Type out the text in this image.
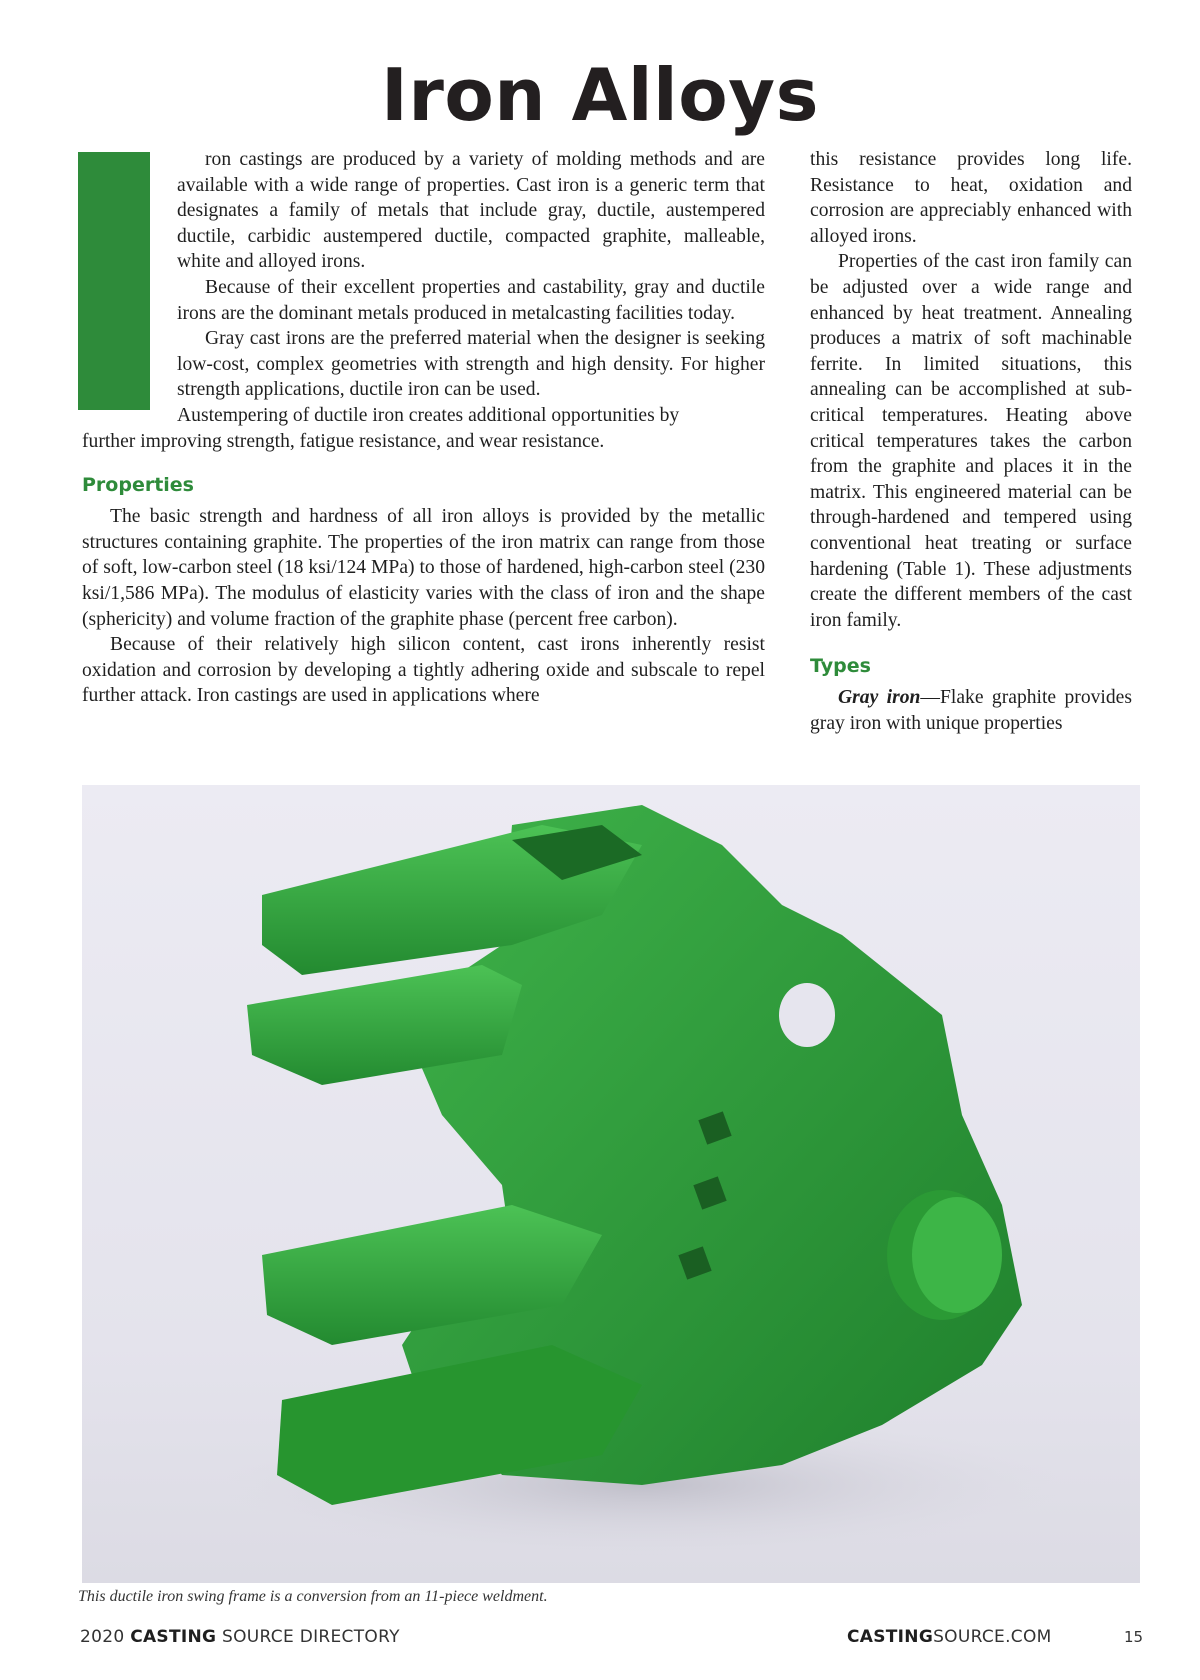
Iron Alloys

ron castings are produced by a variety of molding methods and are available with a wide range of properties. Cast iron is a generic term that designates a family of metals that include gray, ductile, austempered ductile, carbidic austempered ductile, compacted graphite, malleable, white and alloyed irons.

Because of their excellent properties and castability, gray and ductile irons are the dominant metals produced in metalcasting facilities today.

Gray cast irons are the preferred material when the designer is seeking low-cost, complex geometries with strength and high density. For higher strength applications, ductile iron can be used.

Austempering of ductile iron creates additional opportunities by

further improving strength, fatigue resistance, and wear resistance.

Properties

The basic strength and hardness of all iron alloys is provided by the metallic structures containing graphite. The properties of the iron matrix can range from those of soft, low-carbon steel (18 ksi/124 MPa) to those of hardened, high-carbon steel (230 ksi/1,586 MPa). The modulus of elasticity varies with the class of iron and the shape (sphericity) and volume fraction of the graphite phase (percent free carbon).

Because of their relatively high silicon content, cast irons inherently resist oxidation and corrosion by developing a tightly adhering oxide and subscale to repel further attack. Iron castings are used in applications where

this resistance provides long life. Resistance to heat, oxidation and corrosion are appreciably enhanced with alloyed irons.

Properties of the cast iron family can be adjusted over a wide range and enhanced by heat treatment. Annealing produces a matrix of soft machinable ferrite. In limited situations, this annealing can be accomplished at sub-critical temperatures. Heating above critical temperatures takes the carbon from the graphite and places it in the matrix. This engineered material can be through-hardened and tempered using conventional heat treating or surface hardening (Table 1). These adjustments create the different members of the cast iron family.

Types

Gray iron—Flake graphite provides gray iron with unique properties

This ductile iron swing frame is a conversion from an 11-piece weldment.
2020 CASTING SOURCE DIRECTORY	CASTINGSOURCE.COM	15
